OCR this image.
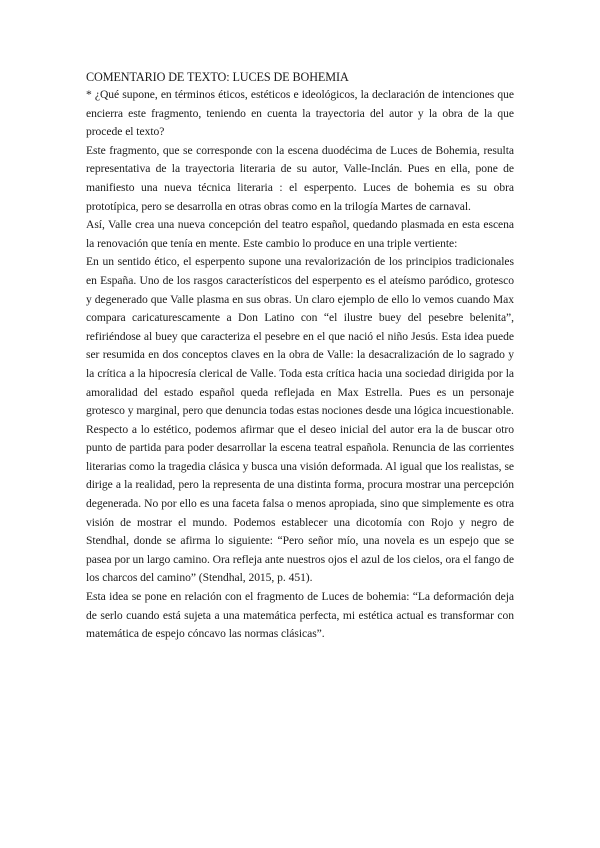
COMENTARIO DE TEXTO: LUCES DE BOHEMIA

* ¿Qué supone, en términos éticos, estéticos e ideológicos, la declaración de intenciones que encierra este fragmento, teniendo en cuenta la trayectoria del autor y la obra de la que procede el texto?

Este fragmento, que se corresponde con la escena duodécima de Luces de Bohemia, resulta representativa de la trayectoria literaria de su autor, Valle-Inclán. Pues en ella, pone de manifiesto una nueva técnica literaria : el esperpento. Luces de bohemia es su obra prototípica, pero se desarrolla en otras obras como en la trilogía Martes de carnaval.

Así, Valle crea una nueva concepción del teatro español, quedando plasmada en esta escena la renovación que tenía en mente. Este cambio lo produce en una triple vertiente:

En un sentido ético, el esperpento supone una revalorización de los principios tradicionales en España. Uno de los rasgos característicos del esperpento es el ateísmo paródico, grotesco y degenerado que Valle plasma en sus obras. Un claro ejemplo de ello lo vemos cuando Max compara caricaturescamente a Don Latino con “el ilustre buey del pesebre belenita”, refiriéndose al buey que caracteriza el pesebre en el que nació el niño Jesús. Esta idea puede ser resumida en dos conceptos claves en la obra de Valle: la desacralización de lo sagrado y la crítica a la hipocresía clerical de Valle. Toda esta crítica hacia una sociedad dirigida por la amoralidad del estado español queda reflejada en Max Estrella. Pues es un personaje grotesco y marginal, pero que denuncia todas estas nociones desde una lógica incuestionable.

Respecto a lo estético, podemos afirmar que el deseo inicial del autor era la de buscar otro punto de partida para poder desarrollar la escena teatral española. Renuncia de las corrientes literarias como la tragedia clásica y busca una visión deformada. Al igual que los realistas, se dirige a la realidad, pero la representa de una distinta forma, procura mostrar una percepción degenerada. No por ello es una faceta falsa o menos apropiada, sino que simplemente es otra visión de mostrar el mundo. Podemos establecer una dicotomía con Rojo y negro de Stendhal, donde se afirma lo siguiente: “Pero señor mío, una novela es un espejo que se pasea por un largo camino. Ora refleja ante nuestros ojos el azul de los cielos, ora el fango de los charcos del camino” (Stendhal, 2015, p. 451).

Esta idea se pone en relación con el fragmento de Luces de bohemia: “La deformación deja de serlo cuando está sujeta a una matemática perfecta, mi estética actual es transformar con matemática de espejo cóncavo las normas clásicas”.
